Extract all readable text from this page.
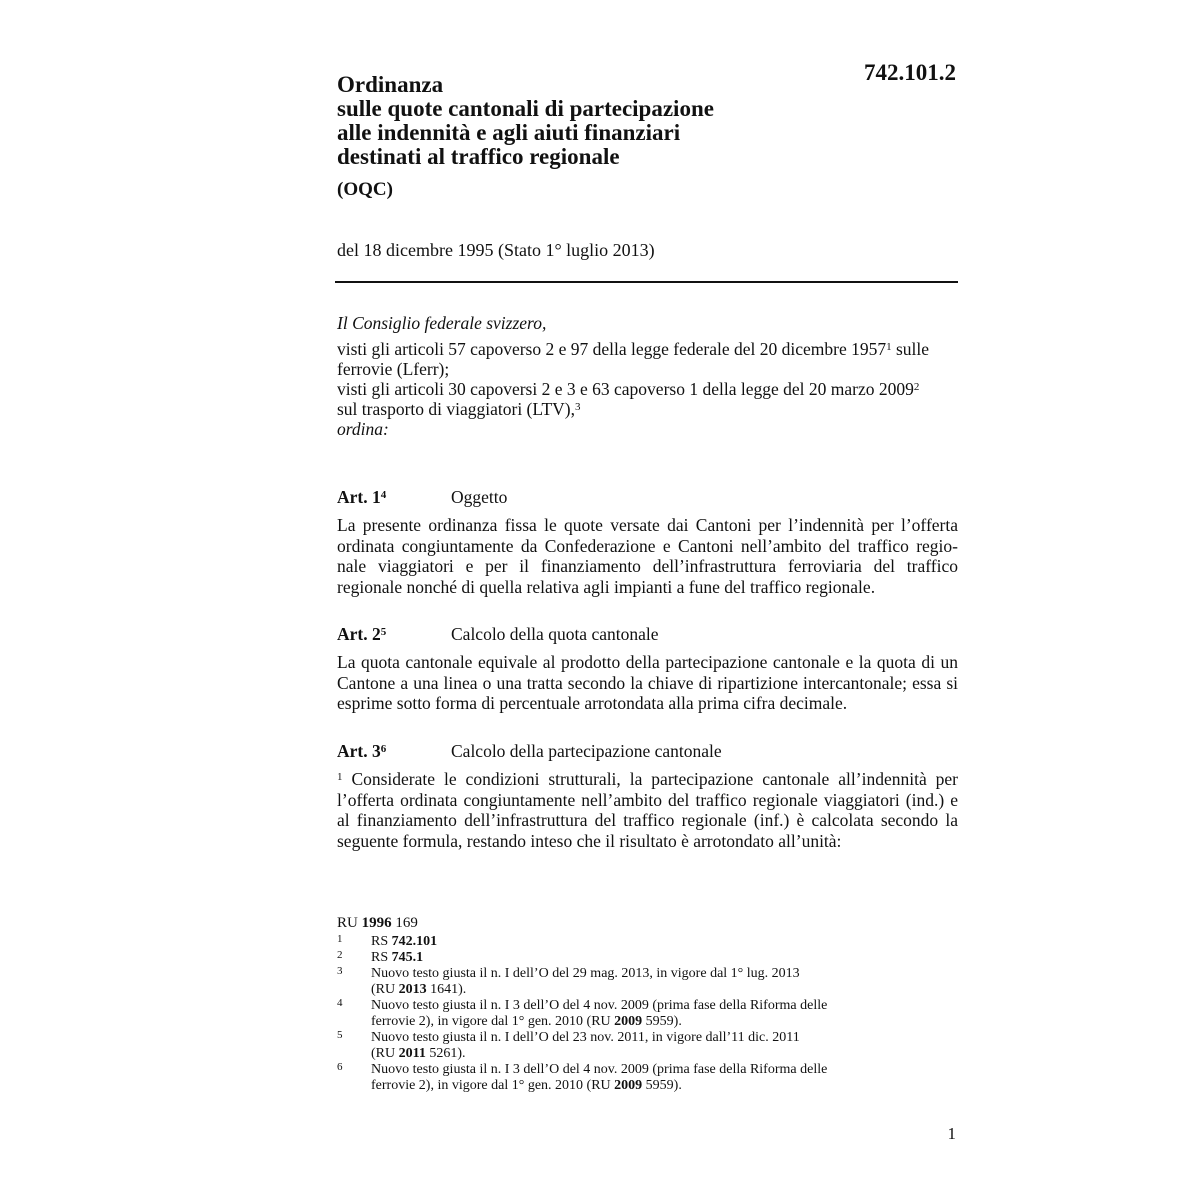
742.101.2
Ordinanza
sulle quote cantonali di partecipazione
alle indennità e agli aiuti finanziari
destinati al traffico regionale
(OQC)
del 18 dicembre 1995 (Stato 1° luglio 2013)

Il Consiglio federale svizzero,

visti gli articoli 57 capoverso 2 e 97 della legge federale del 20 dicembre 1957$^1$ sulle

ferrovie (Lferr);

visti gli articoli 30 capoversi 2 e 3 e 63 capoverso 1 della legge del 20 marzo 2009$^2$

sul trasporto di viaggiatori (LTV),$^3$

ordina:

Art. $1^4$	Oggetto

La presente ordinanza fissa le quote versate dai Cantoni per l’indennità per l’offerta ordinata congiuntamente da Confederazione e Cantoni nell’ambito del traffico regio-nale viaggiatori e per il finanziamento dell’infrastruttura ferroviaria del traffico regionale nonché di quella relativa agli impianti a fune del traffico regionale.

Art. $2^5$	Calcolo della quota cantonale

La quota cantonale equivale al prodotto della partecipazione cantonale e la quota di un Cantone a una linea o una tratta secondo la chiave di ripartizione intercantonale; essa si esprime sotto forma di percentuale arrotondata alla prima cifra decimale.

Art. $3^6$	Calcolo della partecipazione cantonale

$^1$ Considerate le condizioni strutturali, la partecipazione cantonale all’indennità per l’offerta ordinata congiuntamente nell’ambito del traffico regionale viaggiatori (ind.) e al finanziamento dell’infrastruttura del traffico regionale (inf.) è calcolata secondo la seguente formula, restando inteso che il risultato è arrotondato all’unità:

RU 1996 169
1 RS 742.101
2 RS 745.1
3 Nuovo testo giusta il n. I dell’O del 29 mag. 2013, in vigore dal 1° lug. 2013
(RU 2013 1641).
4 Nuovo testo giusta il n. I 3 dell’O del 4 nov. 2009 (prima fase della Riforma delle
ferrovie 2), in vigore dal 1° gen. 2010 (RU 2009 5959).
5 Nuovo testo giusta il n. I dell’O del 23 nov. 2011, in vigore dall’11 dic. 2011
(RU 2011 5261).
6 Nuovo testo giusta il n. I 3 dell’O del 4 nov. 2009 (prima fase della Riforma delle
ferrovie 2), in vigore dal 1° gen. 2010 (RU 2009 5959).
1
